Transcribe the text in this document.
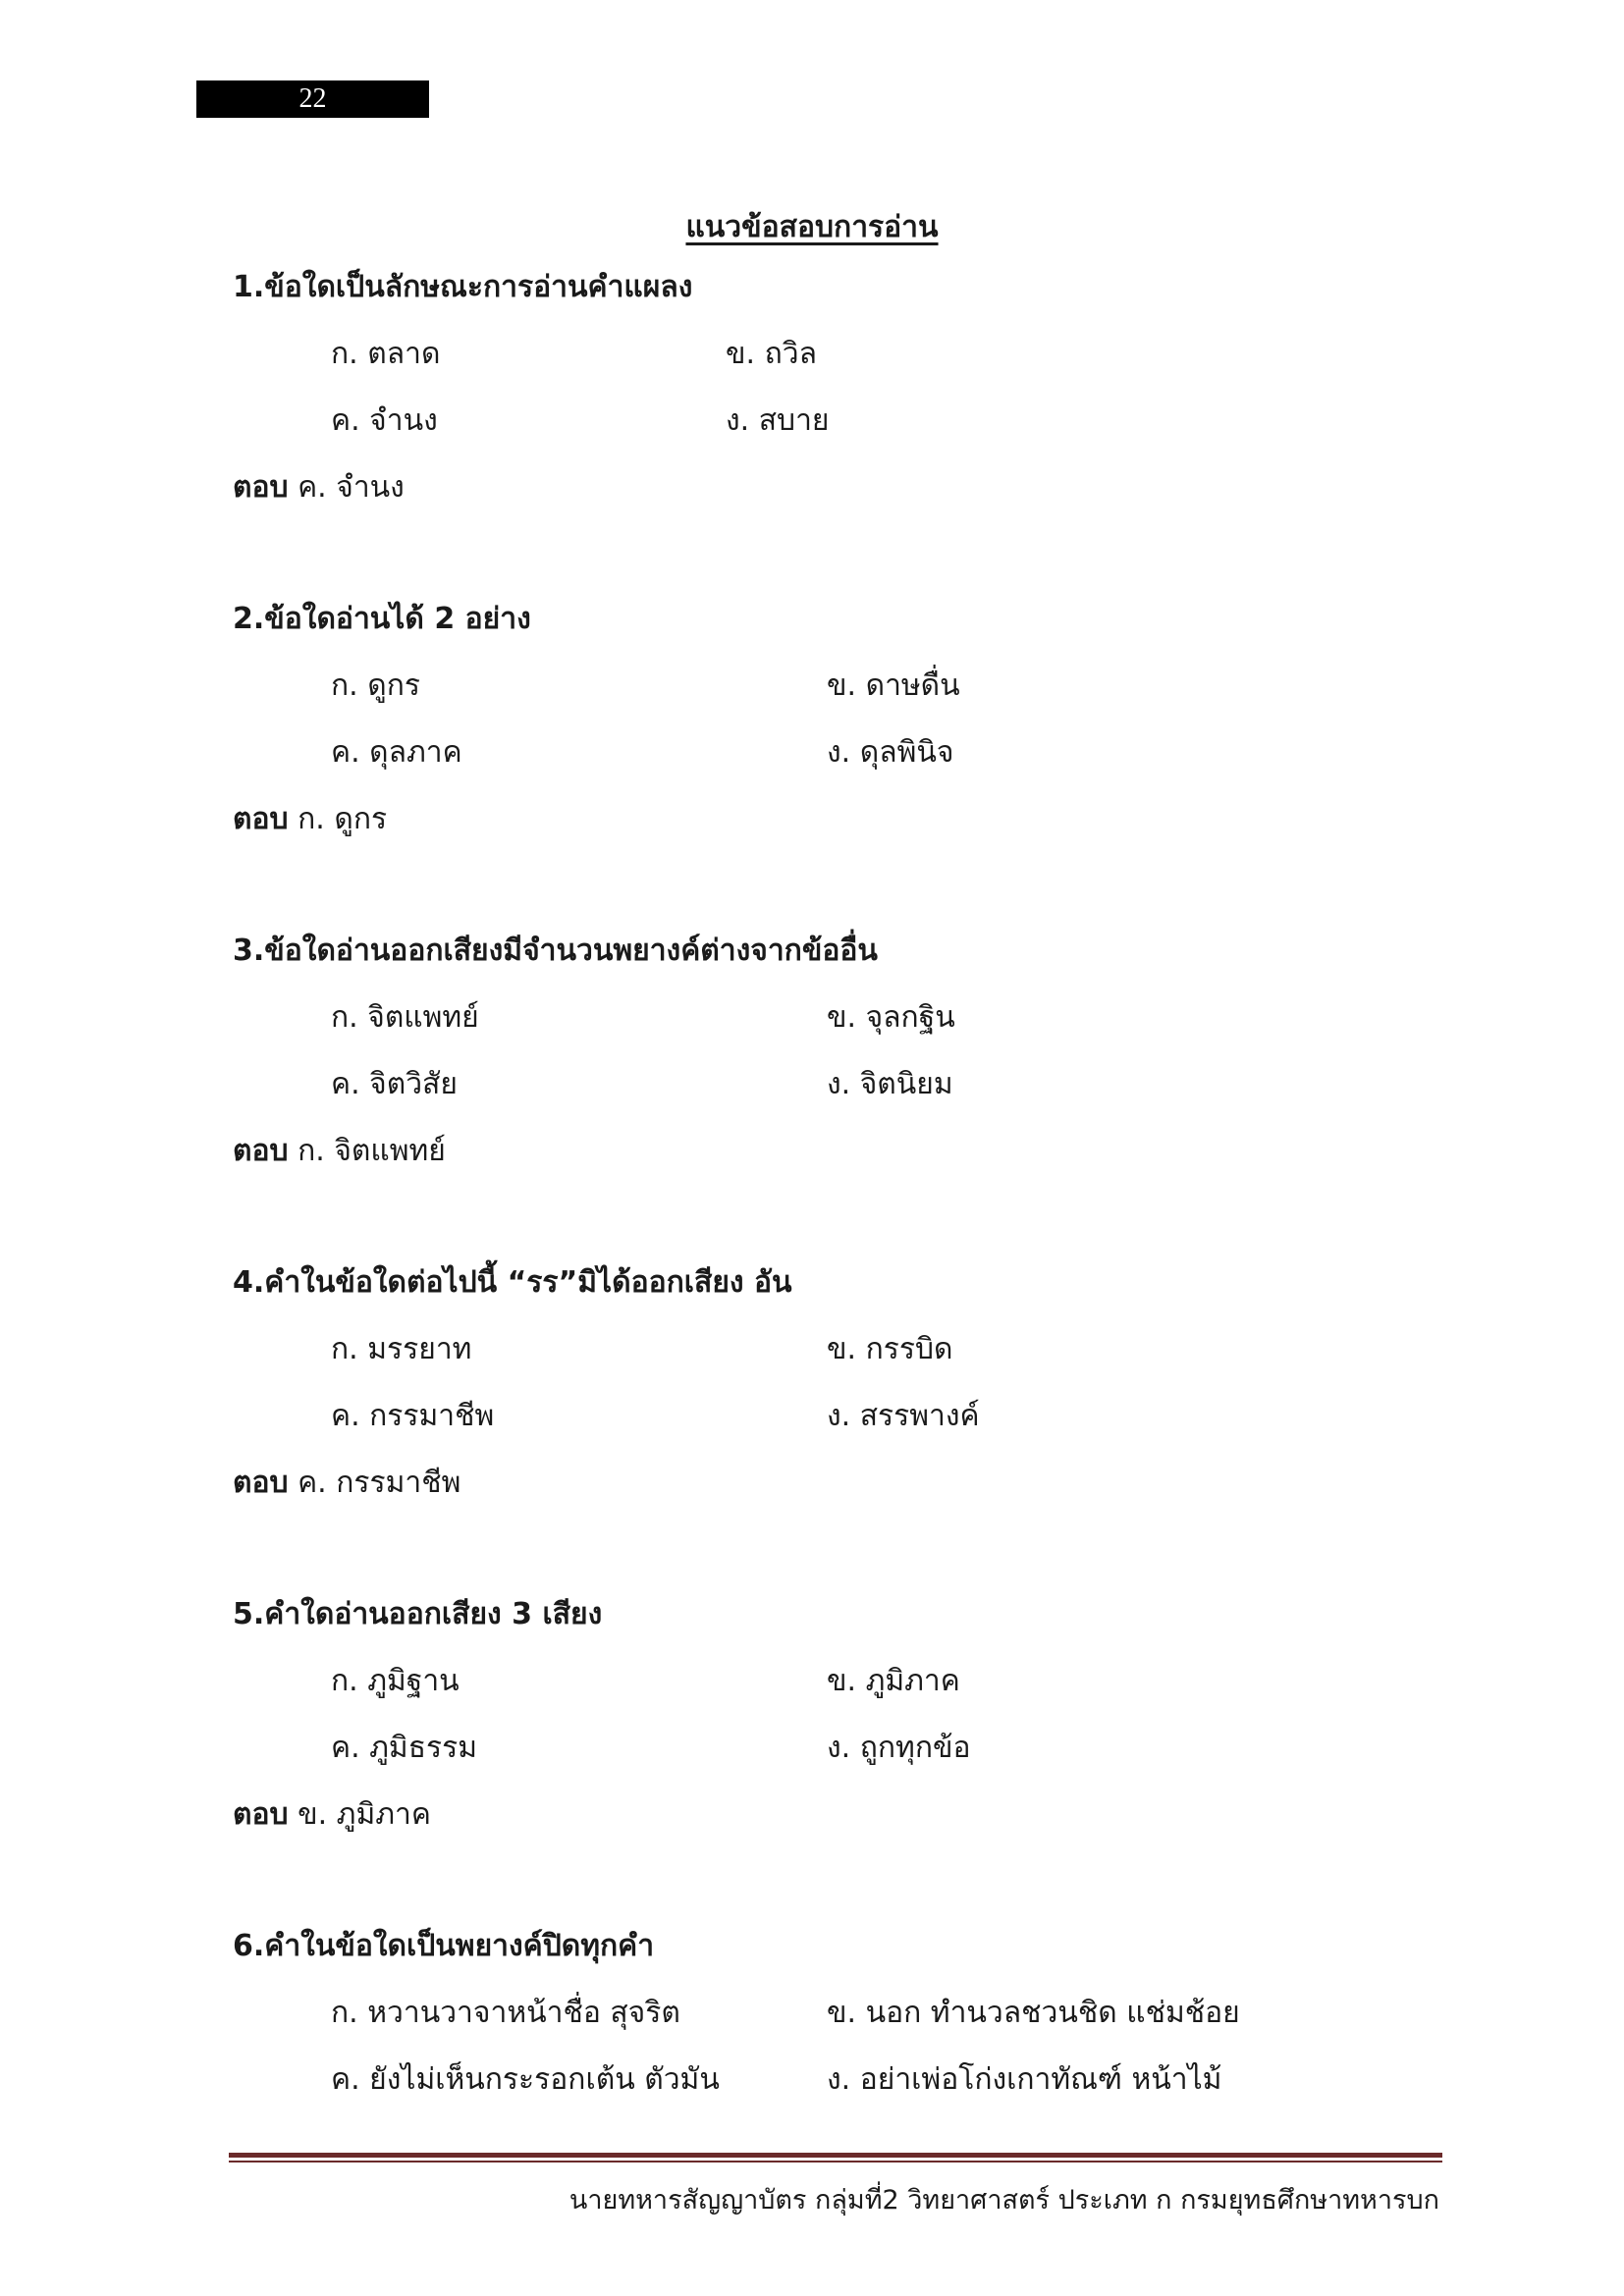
22
แนวข้อสอบการอ่าน
1.ข้อใดเป็นลักษณะการอ่านคำแผลง
ก. ตลาด	ข. ถวิล
ค. จำนง	ง. สบาย
ตอบ ค. จำนง
2.ข้อใดอ่านได้ 2 อย่าง
ก. ดูกร	ข. ดาษดื่น
ค. ดุลภาค	ง. ดุลพินิจ
ตอบ ก. ดูกร
3.ข้อใดอ่านออกเสียงมีจำนวนพยางค์ต่างจากข้ออื่น
ก. จิตแพทย์	ข. จุลกฐิน
ค. จิตวิสัย	ง. จิตนิยม
ตอบ ก. จิตแพทย์
4.คำในข้อใดต่อไปนี้ “รร”มิได้ออกเสียง อัน
ก. มรรยาท	ข. กรรบิด
ค. กรรมาชีพ	ง. สรรพางค์
ตอบ ค. กรรมาชีพ
5.คำใดอ่านออกเสียง 3 เสียง
ก. ภูมิฐาน	ข. ภูมิภาค
ค. ภูมิธรรม	ง. ถูกทุกข้อ
ตอบ ข. ภูมิภาค
6.คำในข้อใดเป็นพยางค์ปิดทุกคำ
ก. หวานวาจาหน้าชื่อ สุจริต	ข. นอก ทำนวลชวนชิด แช่มช้อย
ค. ยังไม่เห็นกระรอกเต้น ตัวมัน	ง. อย่าเพ่อโก่งเกาทัณฑ์ หน้าไม้
นายทหารสัญญาบัตร กลุ่มที่2 วิทยาศาสตร์ ประเภท ก กรมยุทธศึกษาทหารบก
